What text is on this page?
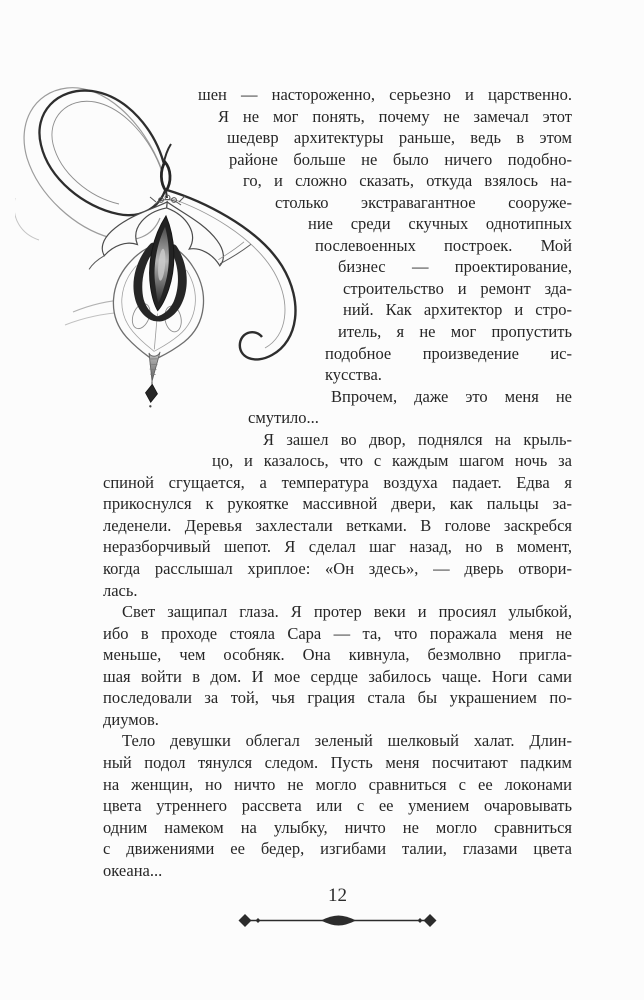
шен — настороженно, серьезно и царственно.
Я не мог понять, почему не замечал этот
шедевр архитектуры раньше, ведь в этом
районе больше не было ничего подобно-
го, и сложно сказать, откуда взялось на-
столько экстравагантное сооруже-
ние среди скучных однотипных
послевоенных построек. Мой
бизнес — проектирование,
строительство и ремонт зда-
ний. Как архитектор и стро-
итель, я не мог пропустить
подобное произведение ис-
кусства.
Впрочем, даже это меня не
смутило...
Я зашел во двор, поднялся на крыль-
цо, и казалось, что с каждым шагом ночь за
спиной сгущается, а температура воздуха падает. Едва я
прикоснулся к рукоятке массивной двери, как пальцы за-
леденели. Деревья захлестали ветками. В голове заскребся
неразборчивый шепот. Я сделал шаг назад, но в момент,
когда расслышал хриплое: «Он здесь», — дверь отвори-
лась.
Свет защипал глаза. Я протер веки и просиял улыбкой,
ибо в проходе стояла Сара — та, что поражала меня не
меньше, чем особняк. Она кивнула, безмолвно пригла-
шая войти в дом. И мое сердце забилось чаще. Ноги сами
последовали за той, чья грация стала бы украшением по-
диумов.
Тело девушки облегал зеленый шелковый халат. Длин-
ный подол тянулся следом. Пусть меня посчитают падким
на женщин, но ничто не могло сравниться с ее локонами
цвета утреннего рассвета или с ее умением очаровывать
одним намеком на улыбку, ничто не могло сравниться
с движениями ее бедер, изгибами талии, глазами цвета
океана...
12
